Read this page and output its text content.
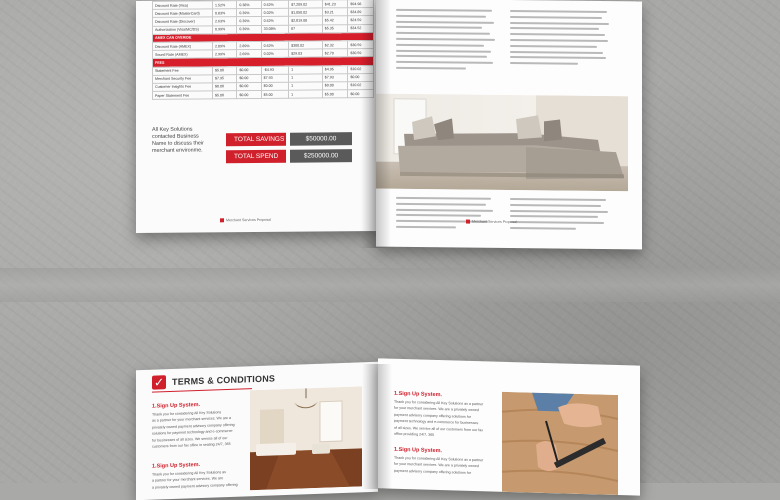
Discount Rate (Visa)	1.52%	0.38%	0.62%	$7,209.02	$41.23	$94.98
Discount Rate (MasterCard)	0.83%	0.39%	0.02%	$1,050.02	$3.21	$34.89
Discount Rate (Discover)	2.63%	0.39%	0.62%	$2,819.08	$5.42	$24.59
Authorization (Visa/MC/DS)	0.99%	0.39%	33.08%	87	$5.35	$34.52
AMEX CAN OVERIDE						
Discount Rate (AMEX)	2.89%	2.89%	0.62%	$300.02	$2.32	$30.59
Sound Rate (AMEX)	2.99%	2.69%	0.02%	$29.03	$2.70	$30.59
FEES						
Statement Fee	$5.00	$0.00	-$4.93	1	$4.95	$10.02
Merchant Security Fee	$7.95	$0.00	$7.93	1	$7.93	$0.00
Customer Insights Fee	$0.00	$0.00	$0.00	1	$0.00	$10.02
Paper Statement Fee	$5.00	$0.00	$5.00	1	$5.00	$0.00
All Key Solutions
contacted Business
Name to discuss their
merchant environme.
TOTAL SAVINGS	$50000.00
TOTAL SPEND	$250000.00
Merchant Services Proposal	Merchant Services Proposal
✓ TERMS & CONDITIONS
1.Sign Up System.
Thank you for considering All Key Solutions
as a partner for your merchant services. We are a
privately owned payment advisory company offering
solutions for payment technology and e-commerce
for businesses of all sizes. We service all of our
customers from our fax office in seating 24/7, 365
1.Sign Up System.
Thank you for considering All Key Solutions as
a partner for your merchant services. We are
a privately owned payment advisory company offering
1.Sign Up System.
Thank you for considering All Key Solutions as a partner
for your merchant services. We are a privately owned
payment advisory company offering solutions for
payment technology and e-commerce for businesses
of all sizes. We service all of our customers from our fax
office providing 24/7, 365
1.Sign Up System.
Thank you for considering All Key Solutions as a partner
for your merchant services. We are a privately owned
payment advisory company offering solutions for
